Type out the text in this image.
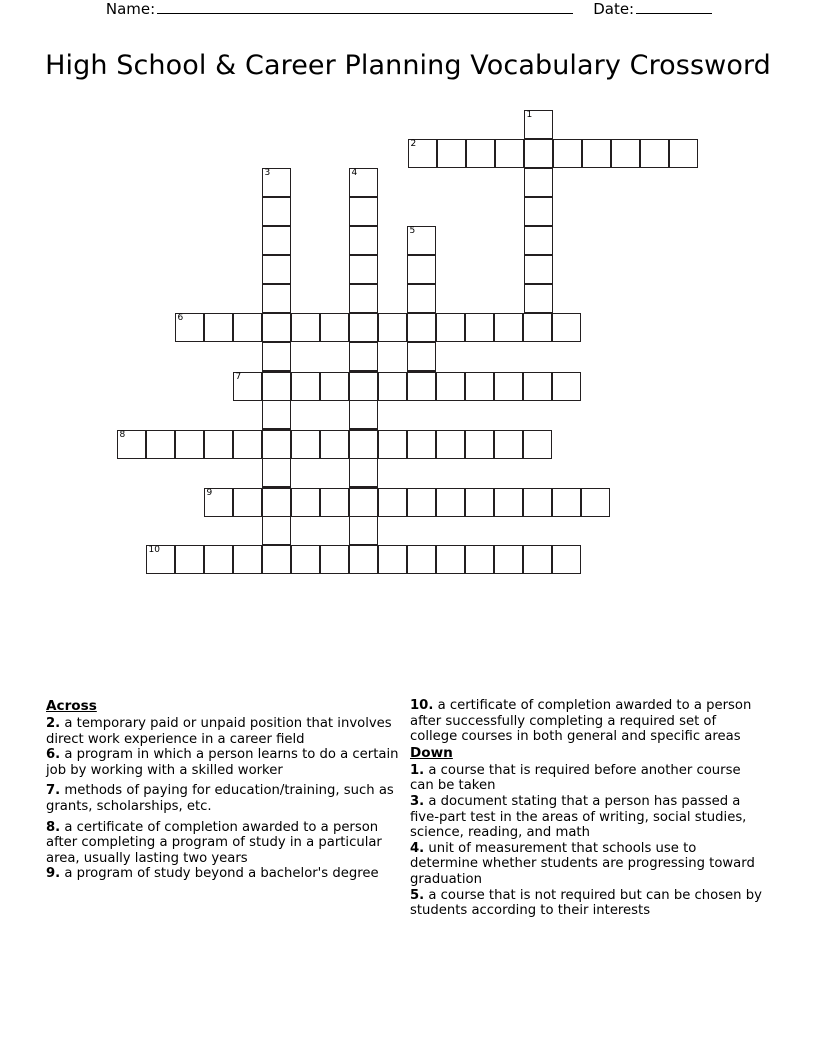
Name:	Date:
High School & Career Planning Vocabulary Crossword
1
2
3	4
5
6
7
8
9
10
Across
2. a temporary paid or unpaid position that involves direct work experience in a career field
6. a program in which a person learns to do a certain job by working with a skilled worker
7. methods of paying for education/training, such as grants, scholarships, etc.
8. a certificate of completion awarded to a person after completing a program of study in a particular area, usually lasting two years
9. a program of study beyond a bachelor's degree
10. a certificate of completion awarded to a person after successfully completing a required set of college courses in both general and specific areas
Down
1. a course that is required before another course can be taken
3. a document stating that a person has passed a five-part test in the areas of writing, social studies, science, reading, and math
4. unit of measurement that schools use to determine whether students are progressing toward graduation
5. a course that is not required but can be chosen by students according to their interests
